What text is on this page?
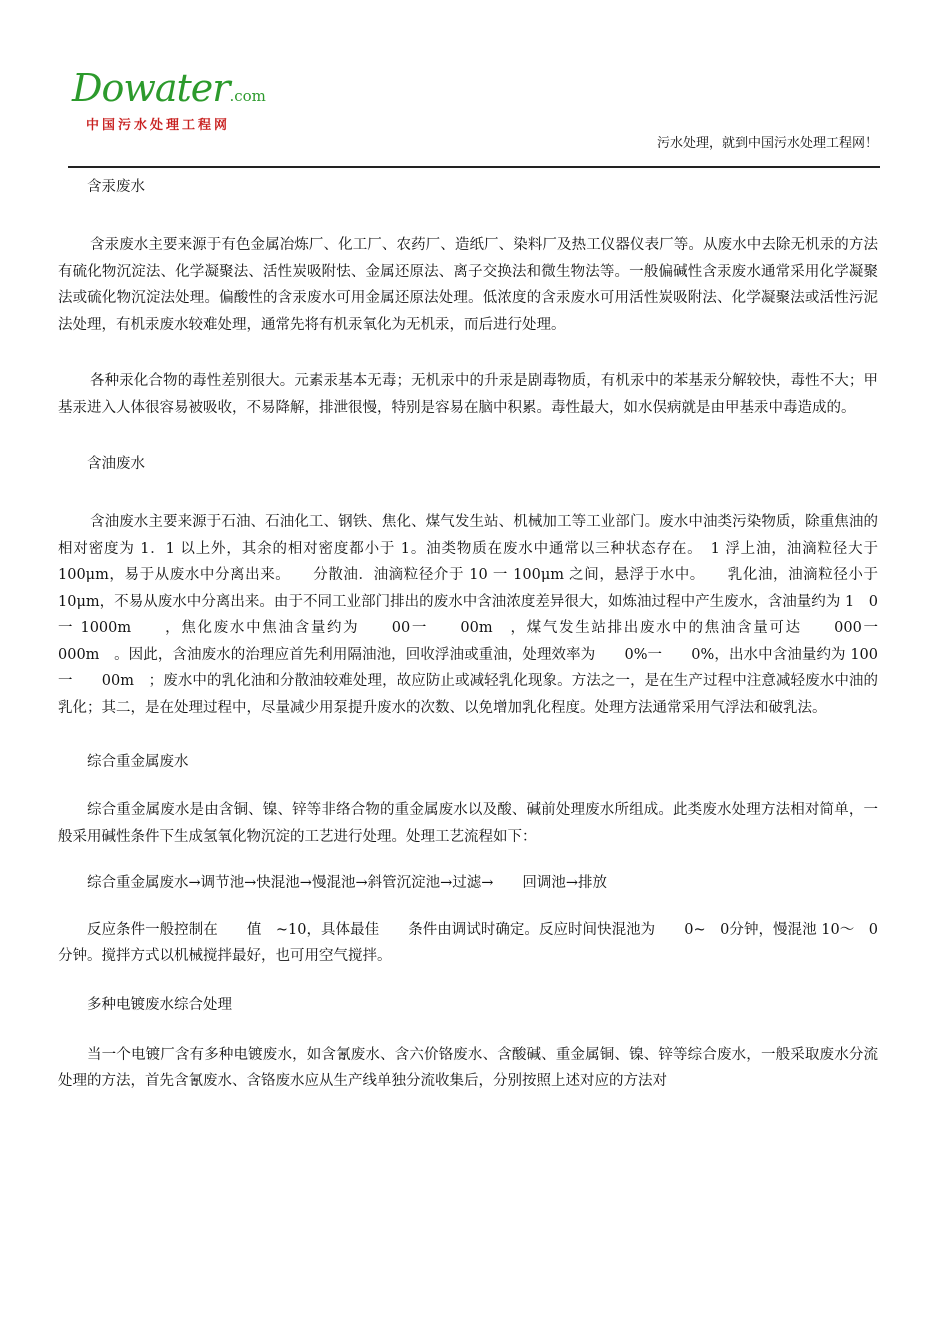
Dowater.com
中国污水处理工程网
污水处理，就到中国污水处理工程网！
含汞废水

含汞废水主要来源于有色金属冶炼厂、化工厂、农药厂、造纸厂、染料厂及热工仪器仪表厂等。从废水中去除无机汞的方法有硫化物沉淀法、化学凝聚法、活性炭吸附怯、金属还原法、离子交换法和微生物法等。一般偏碱性含汞废水通常采用化学凝聚法或硫化物沉淀法处理。偏酸性的含汞废水可用金属还原法处理。低浓度的含汞废水可用活性炭吸附法、化学凝聚法或活性污泥法处理，有机汞废水较难处理，通常先将有机汞氧化为无机汞，而后进行处理。

各种汞化合物的毒性差别很大。元素汞基本无毒；无机汞中的升汞是剧毒物质，有机汞中的苯基汞分解较快，毒性不大；甲基汞进入人体很容易被吸收，不易降解，排泄很慢，特别是容易在脑中积累。毒性最大，如水俣病就是由甲基汞中毒造成的。

含油废水

含油废水主要来源于石油、石油化工、钢铁、焦化、煤气发生站、机械加工等工业部门。废水中油类污染物质，除重焦油的相对密度为 1．1 以上外，其余的相对密度都小于 1。油类物质在废水中通常以三种状态存在。　1 浮上油，油滴粒径大于 100μm，易于从废水中分离出来。　　分散油．油滴粒径介于 10 一 100μm 之间，悬浮于水中。　　乳化油，油滴粒径小于 10μm，不易从废水中分离出来。由于不同工业部门排出的废水中含油浓度差异很大，如炼油过程中产生废水，含油量约为 1　0一 1000m　　，焦化废水中焦油含量约为　　00一　　00m　，煤气发生站排出废水中的焦油含量可达　　000一　　000m　。因此，含油废水的治理应首先利用隔油池，回收浮油或重油，处理效率为　　0%一　　0%，出水中含油量约为 100 一　　00m　；废水中的乳化油和分散油较难处理，故应防止或减轻乳化现象。方法之一，是在生产过程中注意减轻废水中油的乳化；其二，是在处理过程中，尽量减少用泵提升废水的次数、以免增加乳化程度。处理方法通常采用气浮法和破乳法。

综合重金属废水

综合重金属废水是由含铜、镍、锌等非络合物的重金属废水以及酸、碱前处理废水所组成。此类废水处理方法相对简单，一般采用碱性条件下生成氢氧化物沉淀的工艺进行处理。处理工艺流程如下：

综合重金属废水→调节池→快混池→慢混池→斜管沉淀池→过滤→　　回调池→排放

反应条件一般控制在　　值　~10，具体最佳　　条件由调试时确定。反应时间快混池为　　0~　0分钟，慢混池 10～　0分钟。搅拌方式以机械搅拌最好，也可用空气搅拌。

多种电镀废水综合处理

当一个电镀厂含有多种电镀废水，如含氰废水、含六价铬废水、含酸碱、重金属铜、镍、锌等综合废水，一般采取废水分流处理的方法，首先含氰废水、含铬废水应从生产线单独分流收集后，分别按照上述对应的方法对
